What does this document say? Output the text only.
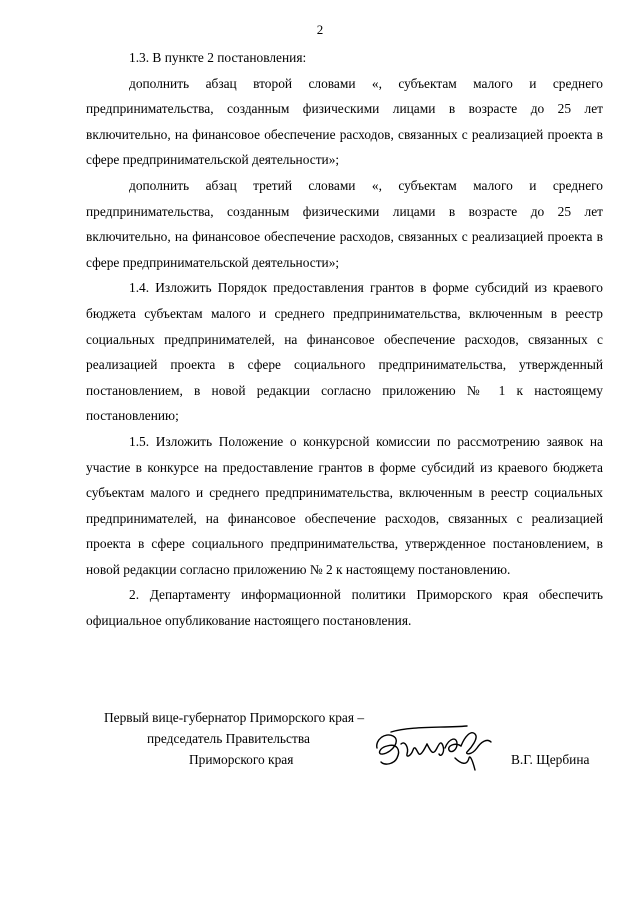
2

1.3. В пункте 2 постановления:

дополнить абзац второй словами «, субъектам малого и среднего предпринимательства, созданным физическими лицами в возрасте до 25 лет включительно, на финансовое обеспечение расходов, связанных с реализацией проекта в сфере предпринимательской деятельности»;

дополнить абзац третий словами «, субъектам малого и среднего предпринимательства, созданным физическими лицами в возрасте до 25 лет включительно, на финансовое обеспечение расходов, связанных с реализацией проекта в сфере предпринимательской деятельности»;

1.4. Изложить Порядок предоставления грантов в форме субсидий из краевого бюджета субъектам малого и среднего предпринимательства, включенным в реестр социальных предпринимателей, на финансовое обеспечение расходов, связанных с реализацией проекта в сфере социального предпринимательства, утвержденный постановлением, в новой редакции согласно приложению № 1 к настоящему постановлению;

1.5. Изложить Положение о конкурсной комиссии по рассмотрению заявок на участие в конкурсе на предоставление грантов в форме субсидий из краевого бюджета субъектам малого и среднего предпринимательства, включенным в реестр социальных предпринимателей, на финансовое обеспечение расходов, связанных с реализацией проекта в сфере социального предпринимательства, утвержденное постановлением, в новой редакции согласно приложению № 2 к настоящему постановлению.

2. Департаменту информационной политики Приморского края обеспечить официальное опубликование настоящего постановления.

Первый вице-губернатор Приморского края –
председатель Правительства
Приморского края	В.Г. Щербина
